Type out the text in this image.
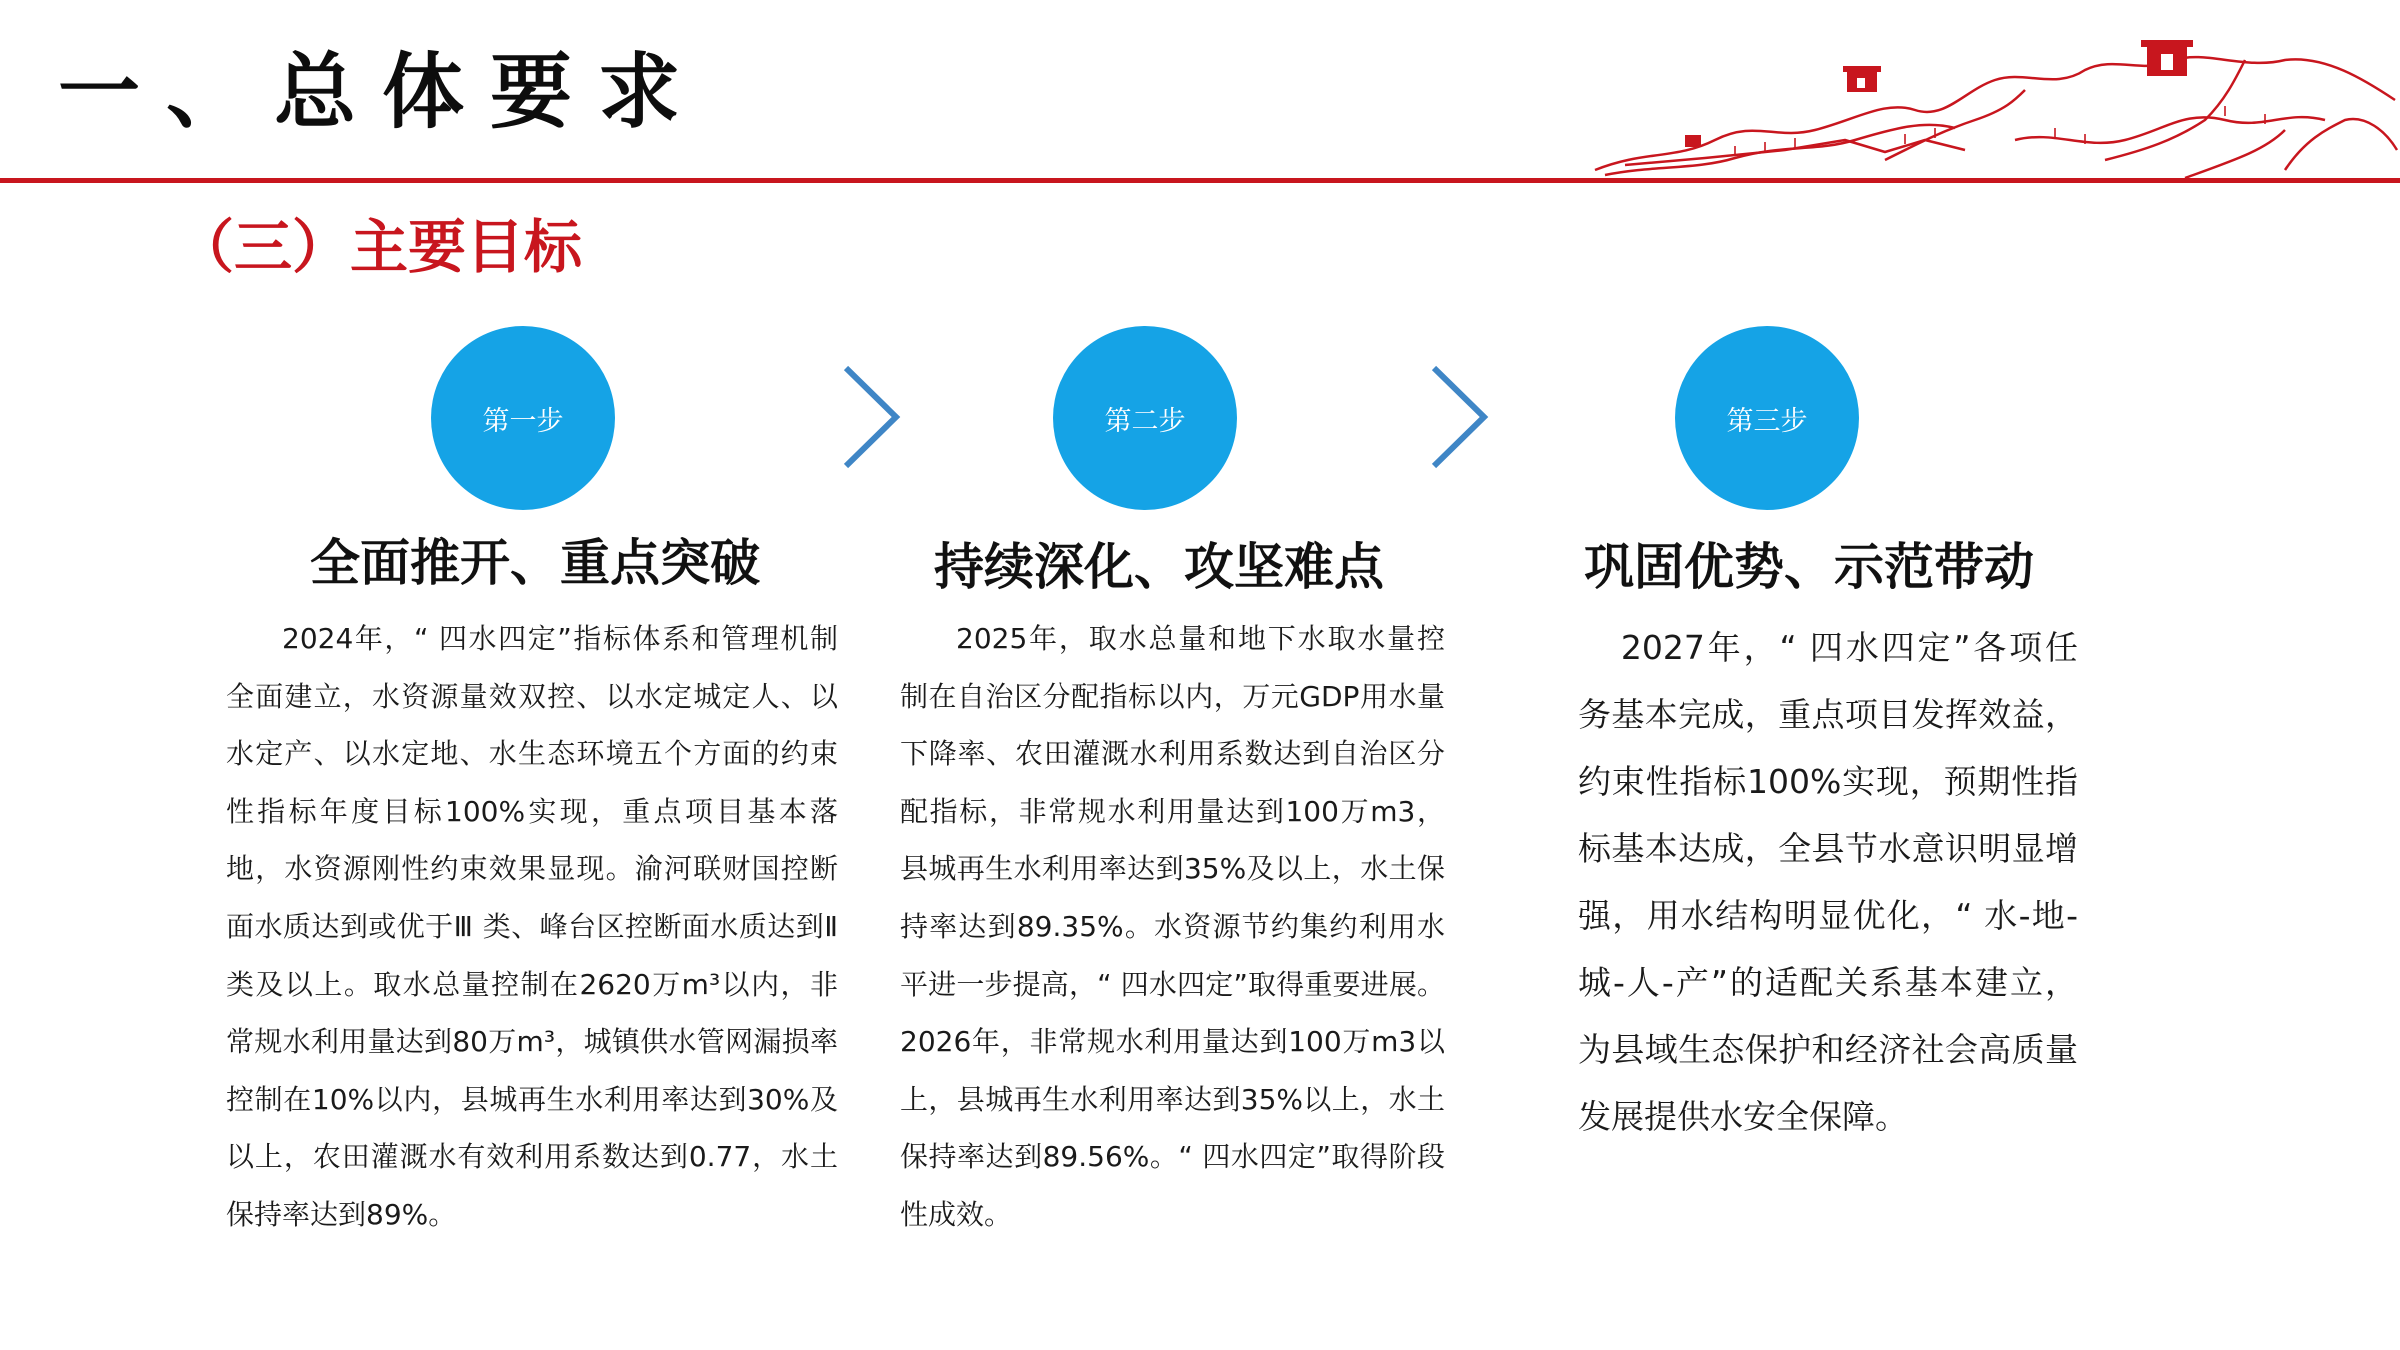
一、总体要求
（三）主要目标
第一步
全面推开、重点突破
2024年，“ 四水四定”指标体系和管理机制全面建立，水资源量效双控、以水定城定人、以水定产、以水定地、水生态环境五个方面的约束性指标年度目标100%实现，重点项目基本落地，水资源刚性约束效果显现。渝河联财国控断面水质达到或优于Ⅲ 类、峰台区控断面水质达到Ⅱ 类及以上。取水总量控制在2620万m³以内，非常规水利用量达到80万m³，城镇供水管网漏损率控制在10%以内，县城再生水利用率达到30%及以上，农田灌溉水有效利用系数达到0.77，水土保持率达到89%。
第二步
持续深化、攻坚难点
2025年，取水总量和地下水取水量控制在自治区分配指标以内，万元GDP用水量下降率、农田灌溉水利用系数达到自治区分配指标，非常规水利用量达到100万m3，县城再生水利用率达到35%及以上，水土保持率达到89.35%。水资源节约集约利用水平进一步提高，“ 四水四定”取得重要进展。2026年，非常规水利用量达到100万m3以上，县城再生水利用率达到35%以上，水土保持率达到89.56%。“ 四水四定”取得阶段性成效。
第三步
巩固优势、示范带动
2027年，“ 四水四定”各项任务基本完成，重点项目发挥效益，约束性指标100%实现，预期性指标基本达成，全县节水意识明显增强，用水结构明显优化，“ 水-地-城-人-产”的适配关系基本建立，为县域生态保护和经济社会高质量发展提供水安全保障。
